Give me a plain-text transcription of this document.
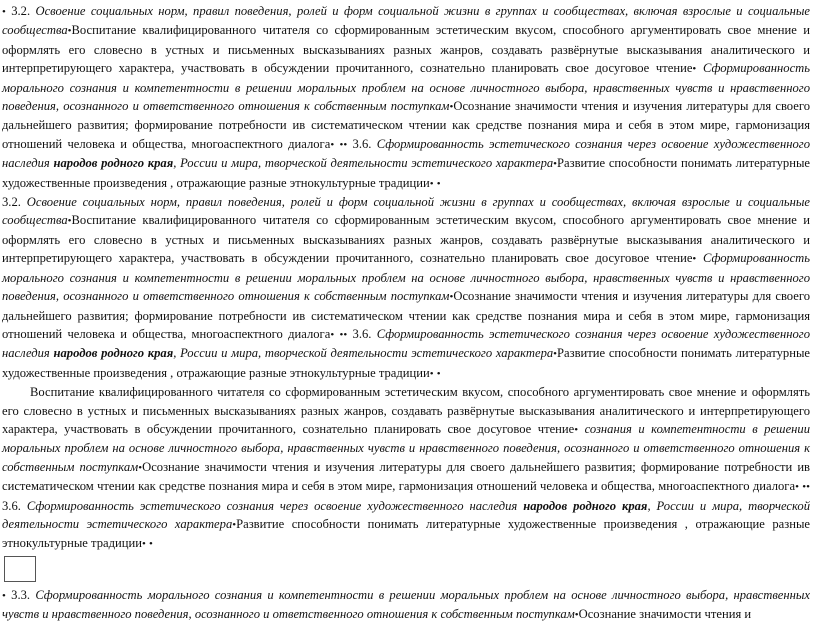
• 3.2. Освоение социальных норм, правил поведения, ролей и форм социальной жизни в группах и сообществах, включая взрослые и социальные сообщества•Воспитание квалифицированного читателя со сформированным эстетическим вкусом, способного аргументировать свое мнение и оформлять его словесно в устных и письменных высказываниях разных жанров, создавать развёрнутые высказывания аналитического и интерпретирующего характера, участвовать в обсуждении прочитанного, сознательно планировать свое досуговое чтение• Сформированность морального сознания и компетентности в решении моральных проблем на основе личностного выбора, нравственных чувств и нравственного поведения, осознанного и ответственного отношения к собственным поступкам•Осознание значимости чтения и изучения литературы для своего дальнейшего развития; формирование потребности ив систематическом чтении как средстве познания мира и себя в этом мире, гармонизация отношений человека и общества, многоаспектного диалога• •• 3.6. Сформированность эстетического сознания через освоение художественного наследия народов родного края, России и мира, творческой деятельности эстетического характера•Развитие способности понимать литературные художественные произведения , отражающие разные этнокультурные традиции• •

3.2. Освоение социальных норм, правил поведения, ролей и форм социальной жизни в группах и сообществах, включая взрослые и социальные сообщества•Воспитание квалифицированного читателя со сформированным эстетическим вкусом, способного аргументировать свое мнение и оформлять его словесно в устных и письменных высказываниях разных жанров, создавать развёрнутые высказывания аналитического и интерпретирующего характера, участвовать в обсуждении прочитанного, сознательно планировать свое досуговое чтение• Сформированность морального сознания и компетентности в решении моральных проблем на основе личностного выбора, нравственных чувств и нравственного поведения, осознанного и ответственного отношения к собственным поступкам•Осознание значимости чтения и изучения литературы для своего дальнейшего развития; формирование потребности ив систематическом чтении как средстве познания мира и себя в этом мире, гармонизация отношений человека и общества, многоаспектного диалога• •• 3.6. Сформированность эстетического сознания через освоение художественного наследия народов родного края, России и мира, творческой деятельности эстетического характера•Развитие способности понимать литературные художественные произведения , отражающие разные этнокультурные традиции• •

Воспитание квалифицированного читателя со сформированным эстетическим вкусом, способного аргументировать свое мнение и оформлять его словесно в устных и письменных высказываниях разных жанров, создавать развёрнутые высказывания аналитического и интерпретирующего характера, участвовать в обсуждении прочитанного, сознательно планировать свое досуговое чтение• сознания и компетентности в решении моральных проблем на основе личностного выбора, нравственных чувств и нравственного поведения, осознанного и ответственного отношения к собственным поступкам•Осознание значимости чтения и изучения литературы для своего дальнейшего развития; формирование потребности ив систематическом чтении как средстве познания мира и себя в этом мире, гармонизация отношений человека и общества, многоаспектного диалога• •• 3.6. Сформированность эстетического сознания через освоение художественного наследия народов родного края, России и мира, творческой деятельности эстетического характера•Развитие способности понимать литературные художественные произведения , отражающие разные этнокультурные традиции• •

• 3.3. Сформированность морального сознания и компетентности в решении моральных проблем на основе личностного выбора, нравственных чувств и нравственного поведения, осознанного и ответственного отношения к собственным поступкам•Осознание значимости чтения и
